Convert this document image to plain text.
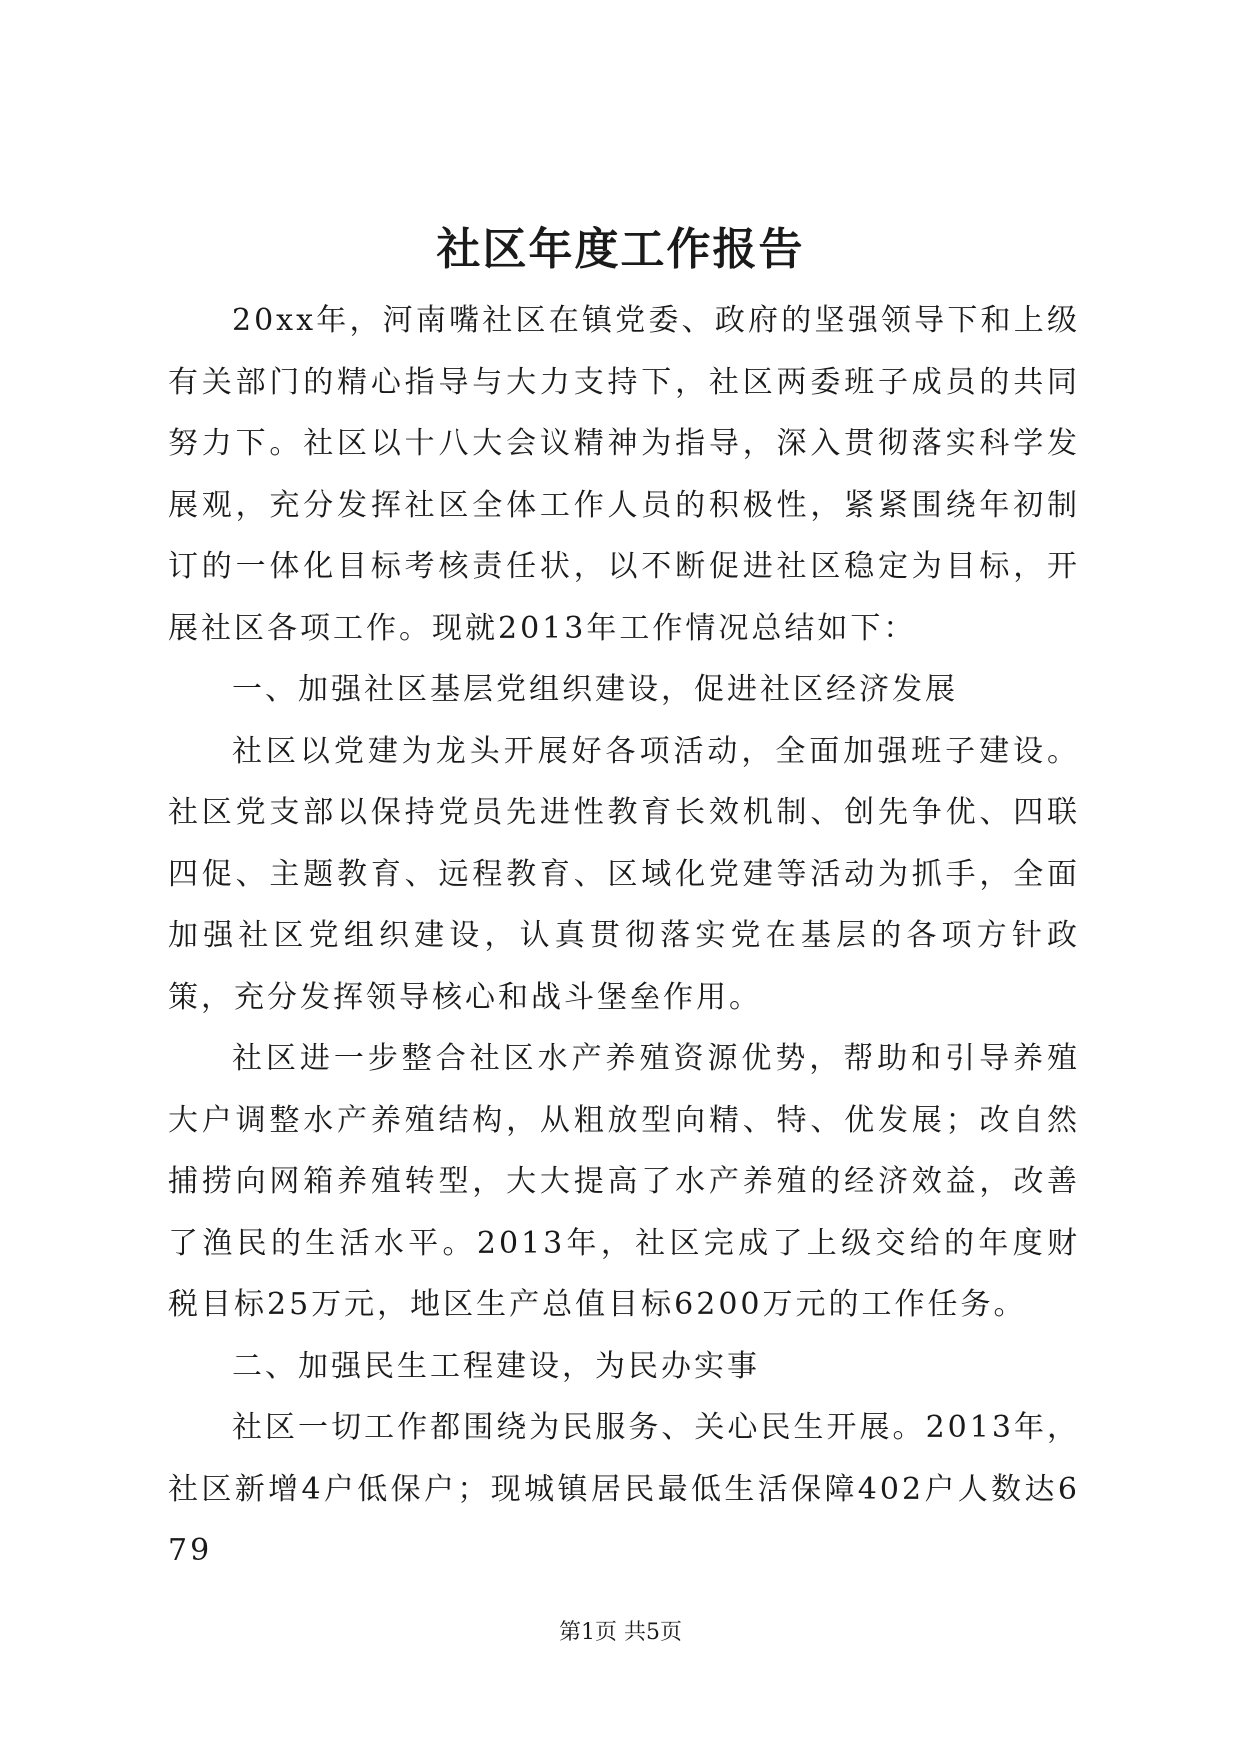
社区年度工作报告

20xx年，河南嘴社区在镇党委、政府的坚强领导下和上级有关部门的精心指导与大力支持下，社区两委班子成员的共同努力下。社区以十八大会议精神为指导，深入贯彻落实科学发展观，充分发挥社区全体工作人员的积极性，紧紧围绕年初制订的一体化目标考核责任状，以不断促进社区稳定为目标，开展社区各项工作。现就2013年工作情况总结如下：

一、加强社区基层党组织建设，促进社区经济发展

社区以党建为龙头开展好各项活动，全面加强班子建设。社区党支部以保持党员先进性教育长效机制、创先争优、四联四促、主题教育、远程教育、区域化党建等活动为抓手，全面加强社区党组织建设，认真贯彻落实党在基层的各项方针政策，充分发挥领导核心和战斗堡垒作用。

社区进一步整合社区水产养殖资源优势，帮助和引导养殖大户调整水产养殖结构，从粗放型向精、特、优发展；改自然捕捞向网箱养殖转型，大大提高了水产养殖的经济效益，改善了渔民的生活水平。2013年，社区完成了上级交给的年度财税目标25万元，地区生产总值目标6200万元的工作任务。

二、加强民生工程建设，为民办实事

社区一切工作都围绕为民服务、关心民生开展。2013年，社区新增4户低保户；现城镇居民最低生活保障402户人数达679

第1页 共5页
